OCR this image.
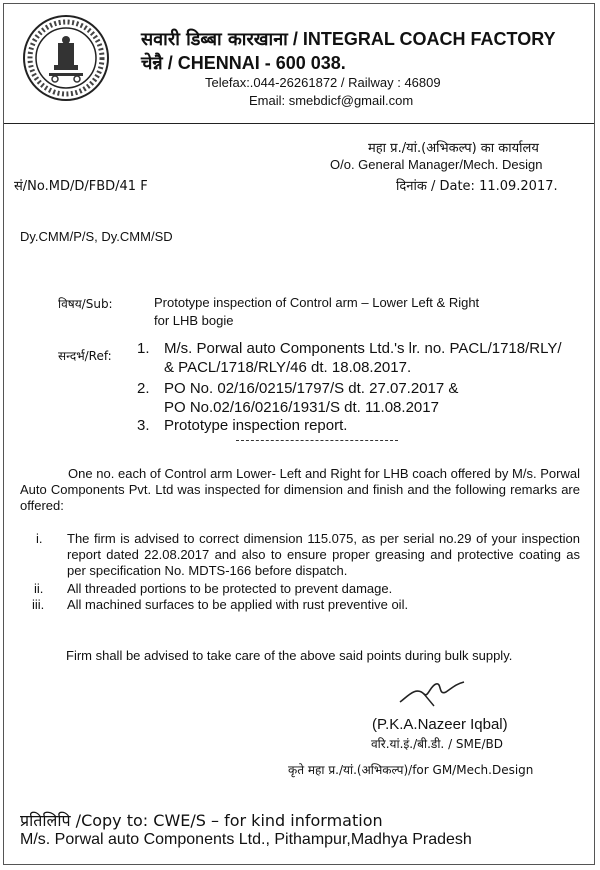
सवारी डिब्बा कारखाना / INTEGRAL COACH FACTORY
चेन्नै / CHENNAI - 600 038.
Telefax:.044-26261872 / Railway : 46809
Email: smebdicf@gmail.com
महा प्र./यां.(अभिकल्प) का कार्यालय
O/o. General Manager/Mech. Design
सं/No.MD/D/FBD/41 F	दिनांक / Date: 11.09.2017.
Dy.CMM/P/S, Dy.CMM/SD
विषय/Sub:	Prototype inspection of Control arm – Lower Left & Right
for LHB bogie
सन्दर्भ/Ref: 1. M/s. Porwal auto Components Ltd.'s lr. no. PACL/1718/RLY/
& PACL/1718/RLY/46 dt. 18.08.2017.
2. PO No. 02/16/0215/1797/S dt. 27.07.2017 &
PO No.02/16/0216/1931/S dt. 11.08.2017
3. Prototype inspection report.
One no. each of Control arm Lower- Left and Right for LHB coach offered by M/s. Porwal Auto Components Pvt. Ltd was inspected for dimension and finish and the following remarks are offered:
i. The firm is advised to correct dimension 115.075, as per serial no.29 of your inspection report dated 22.08.2017 and also to ensure proper greasing and protective coating as per specification No. MDTS-166 before dispatch.
ii. All threaded portions to be protected to prevent damage.
iii. All machined surfaces to be applied with rust preventive oil.
Firm shall be advised to take care of the above said points during bulk supply.
(P.K.A.Nazeer Iqbal)
वरि.यां.इं./बी.डी. / SME/BD
कृते महा प्र./यां.(अभिकल्प)/for GM/Mech.Design
प्रतिलिपि /Copy to: CWE/S – for kind information
M/s. Porwal auto Components Ltd., Pithampur,Madhya Pradesh
